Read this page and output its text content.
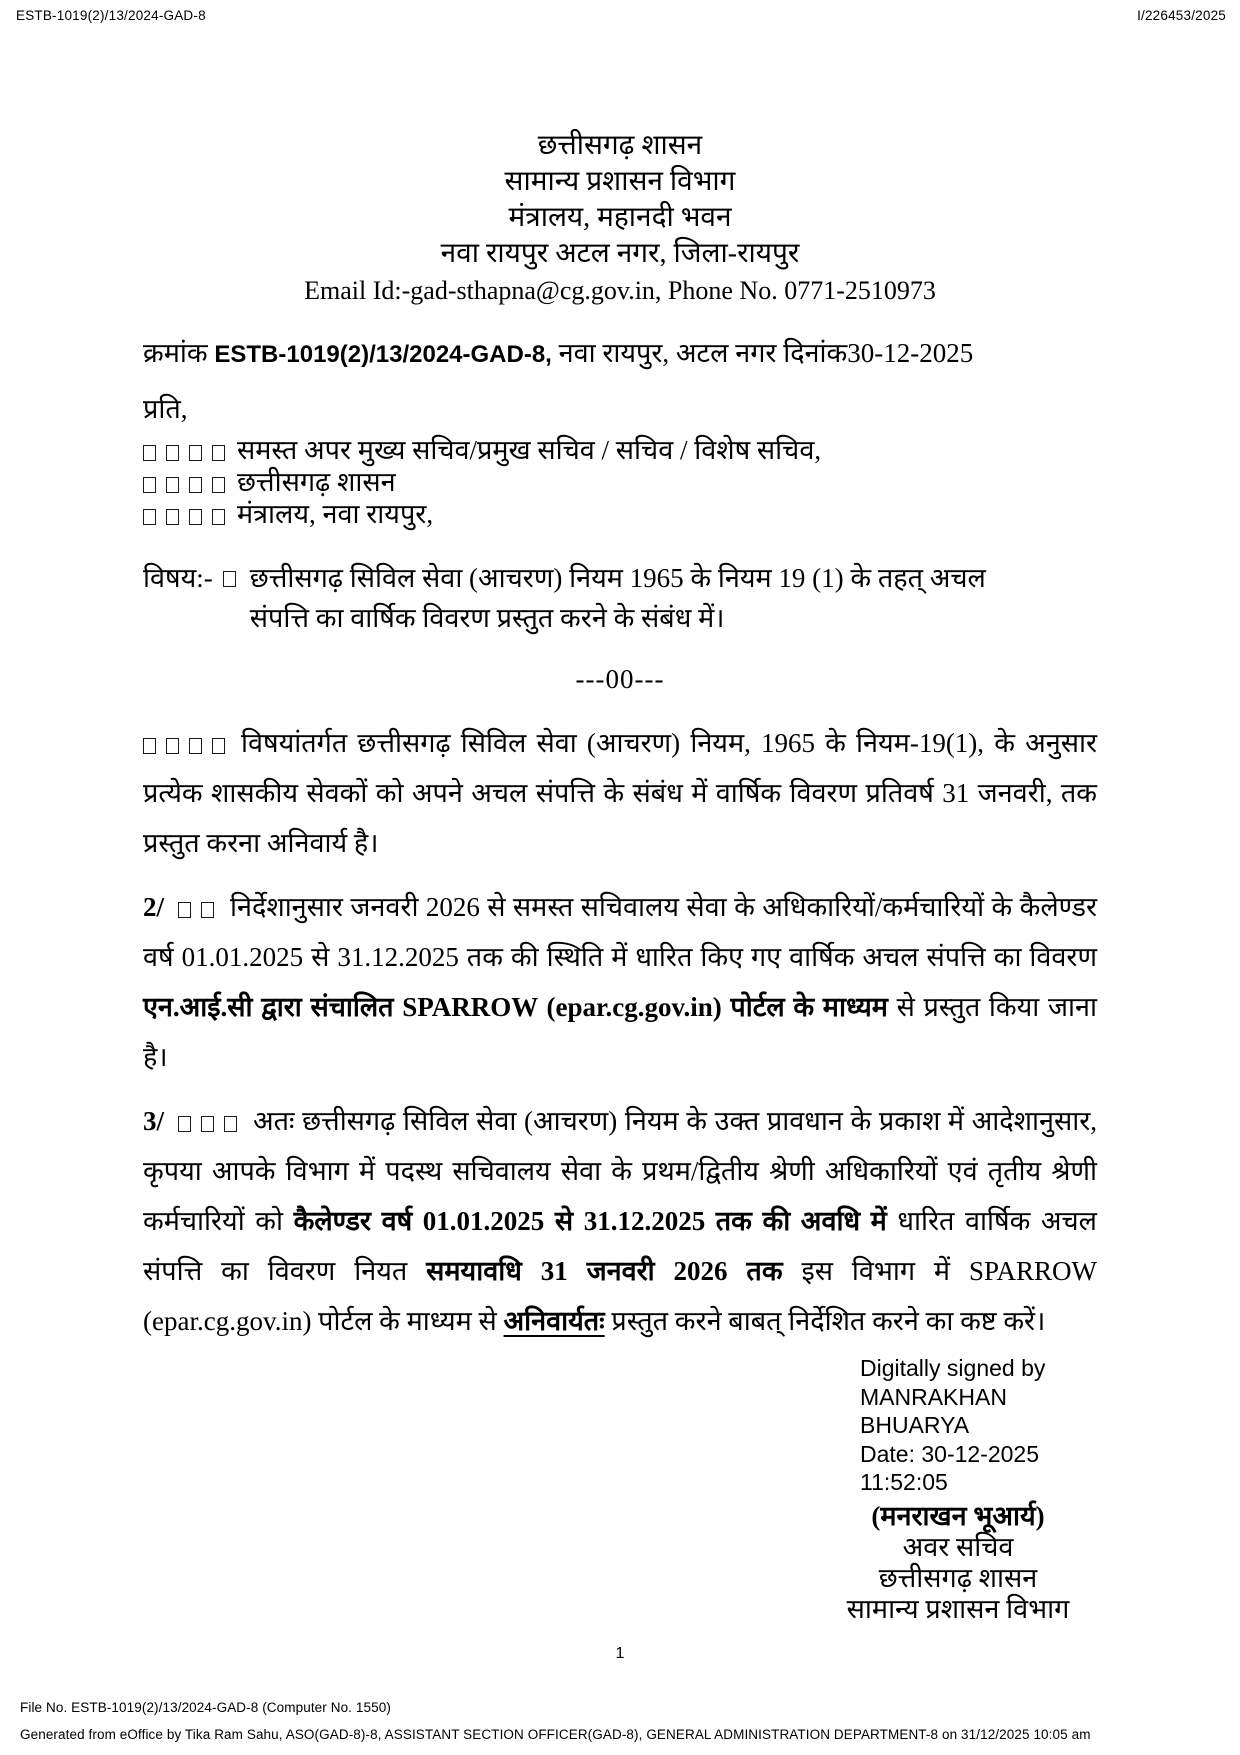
ESTB-1019(2)/13/2024-GAD-8	I/226453/2025
छत्तीसगढ़ शासन
सामान्य प्रशासन विभाग
मंत्रालय, महानदी भवन
नवा रायपुर अटल नगर, जिला-रायपुर
Email Id:-gad-sthapna@cg.gov.in, Phone No. 0771-2510973

क्रमांक ESTB-1019(2)/13/2024-GAD-8, नवा रायपुर, अटल नगर दिनांक30-12-2025

प्रति,

समस्त अपर मुख्य सचिव/प्रमुख सचिव / सचिव / विशेष सचिव,
छत्तीसगढ़ शासन
मंत्रालय, नवा रायपुर,
विषय:- छत्तीसगढ़ सिविल सेवा (आचरण) नियम 1965 के नियम 19 (1) के तहत् अचल संपत्ति का वार्षिक विवरण प्रस्तुत करने के संबंध में।
---00---

विषयांतर्गत छत्तीसगढ़ सिविल सेवा (आचरण) नियम, 1965 के नियम-19(1), के अनुसार प्रत्येक शासकीय सेवकों को अपने अचल संपत्ति के संबंध में वार्षिक विवरण प्रतिवर्ष 31 जनवरी, तक प्रस्तुत करना अनिवार्य है।

2/ निर्देशानुसार जनवरी 2026 से समस्त सचिवालय सेवा के अधिकारियों/कर्मचारियों के कैलेण्डर वर्ष 01.01.2025 से 31.12.2025 तक की स्थिति में धारित किए गए वार्षिक अचल संपत्ति का विवरण एन.आई.सी द्वारा संचालित SPARROW (epar.cg.gov.in) पोर्टल के माध्यम से प्रस्तुत किया जाना है।

3/	अतः छत्तीसगढ़ सिविल सेवा (आचरण) नियम के उक्त प्रावधान के प्रकाश में आदेशानुसार, कृपया आपके विभाग में पदस्थ सचिवालय सेवा के प्रथम/द्वितीय श्रेणी अधिकारियों एवं तृतीय श्रेणी कर्मचारियों को कैलेण्डर वर्ष 01.01.2025 से 31.12.2025 तक की अवधि में धारित वार्षिक अचल संपत्ति का विवरण नियत समयावधि 31 जनवरी 2026 तक इस विभाग में SPARROW (epar.cg.gov.in) पोर्टल के माध्यम से अनिवार्यतः प्रस्तुत करने बाबत् निर्देशित करने का कष्ट करें।

Digitally signed by
MANRAKHAN BHUARYA
Date: 30-12-2025
11:52:05
(मनराखन भूआर्य)
अवर सचिव
छत्तीसगढ़ शासन
सामान्य प्रशासन विभाग
1
File No. ESTB-1019(2)/13/2024-GAD-8 (Computer No. 1550)
Generated from eOffice by Tika Ram Sahu, ASO(GAD-8)-8, ASSISTANT SECTION OFFICER(GAD-8), GENERAL ADMINISTRATION DEPARTMENT-8 on 31/12/2025 10:05 am
